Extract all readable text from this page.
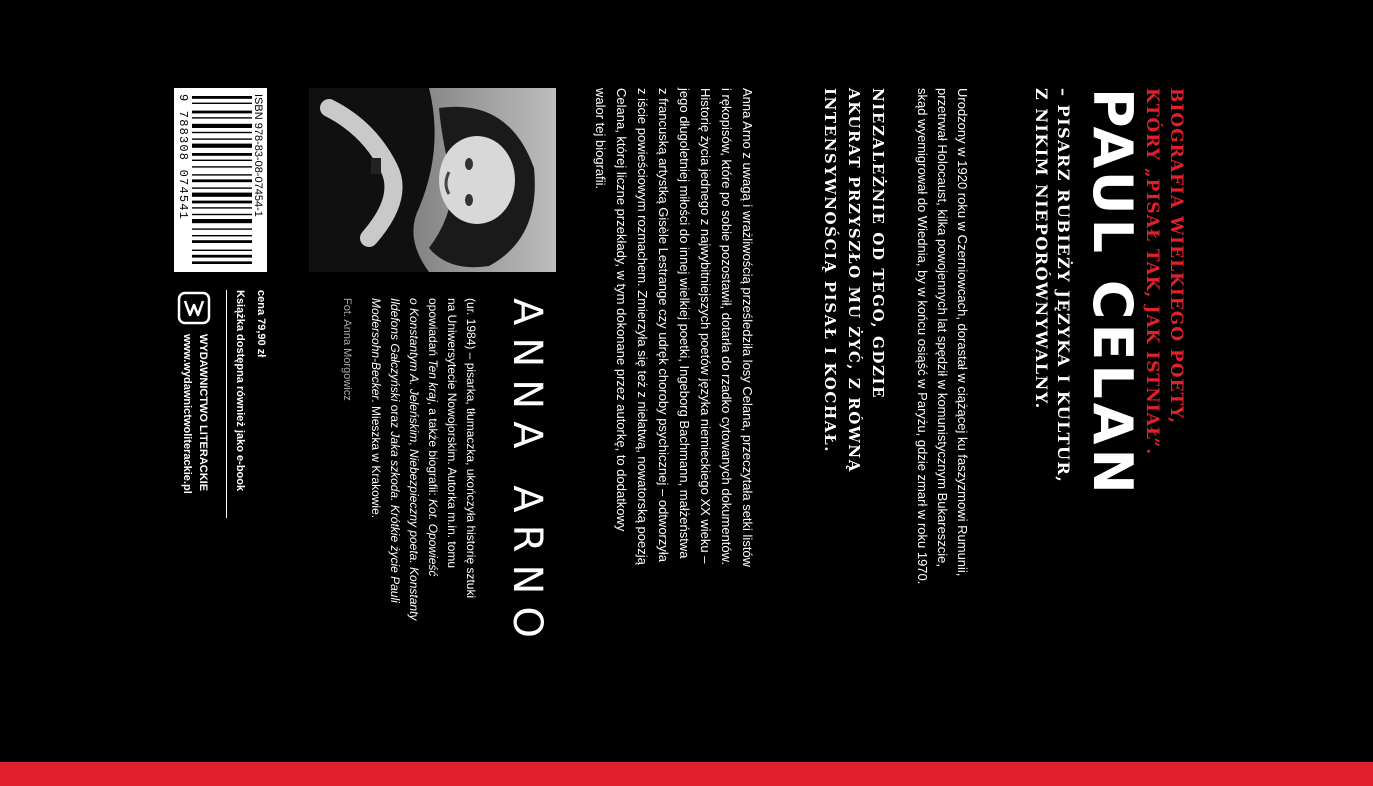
BIOGRAFIA WIELKIEGO POETY,
KTÓRY „PISAŁ TAK, JAK ISTNIAŁ”.
PAUL CELAN
– PISARZ RUBIEŻY JĘZYKA I KULTUR,
Z NIKIM NIEPORÓWNYWALNY.
Urodzony w 1920 roku w Czerniowcach, dorastał w ciążącej ku faszyzmowi Rumunii,
przetrwał Holocaust, kilka powojennych lat spędził w komunistycznym Bukareszcie,
skąd wyemigrował do Wiednia, by w końcu osiąść w Paryżu, gdzie zmarł w roku 1970.
NIEZALEŻNIE OD TEGO, GDZIE
AKURAT PRZYSZŁO MU ŻYĆ, Z RÓWNĄ
INTENSYWNOŚCIĄ PISAŁ I KOCHAŁ.
Anna Arno z uwagą i wrażliwością prześledziła losy Celana, przeczytała setki listów
i rękopisów, które po sobie pozostawił, dotarła do rzadko cytowanych dokumentów.
Historię życia jednego z najwybitniejszych poetów języka niemieckiego XX wieku –
jego długoletniej miłości do innej wielkiej poetki, Ingeborg Bachmann, małżeństwa
z francuską artystką Gisèle Lestrange czy udręk choroby psychicznej – odtworzyła
z iście powieściowym rozmachem. Zmierzyła się też z niełatwą, nowatorską poezją
Celana, której liczne przekłady, w tym dokonane przez autorkę, to dodatkowy
walor tej biografii.
ANNA ARNO
(ur. 1984) – pisarka, tłumaczka, ukończyła historię sztuki
na Uniwersytecie Nowojorskim. Autorka m.in. tomu
opowiadań Ten kraj, a także biografii: Kot. Opowieść
o Konstantym A. Jeleńskim, Niebezpieczny poeta. Konstanty
Ildefons Gałczyński oraz Jaka szkoda. Krótkie życie Pauli
Modersohn-Becker. Mieszka w Krakowie.
Fot. Anna Morgowicz
ISBN 978-83-08-07454-1
9 788308 074541
cena 79,90 zł
Książka dostępna również jako e-book
WYDAWNICTWO LITERACKIE
www.wydawnictwoliterackie.pl
